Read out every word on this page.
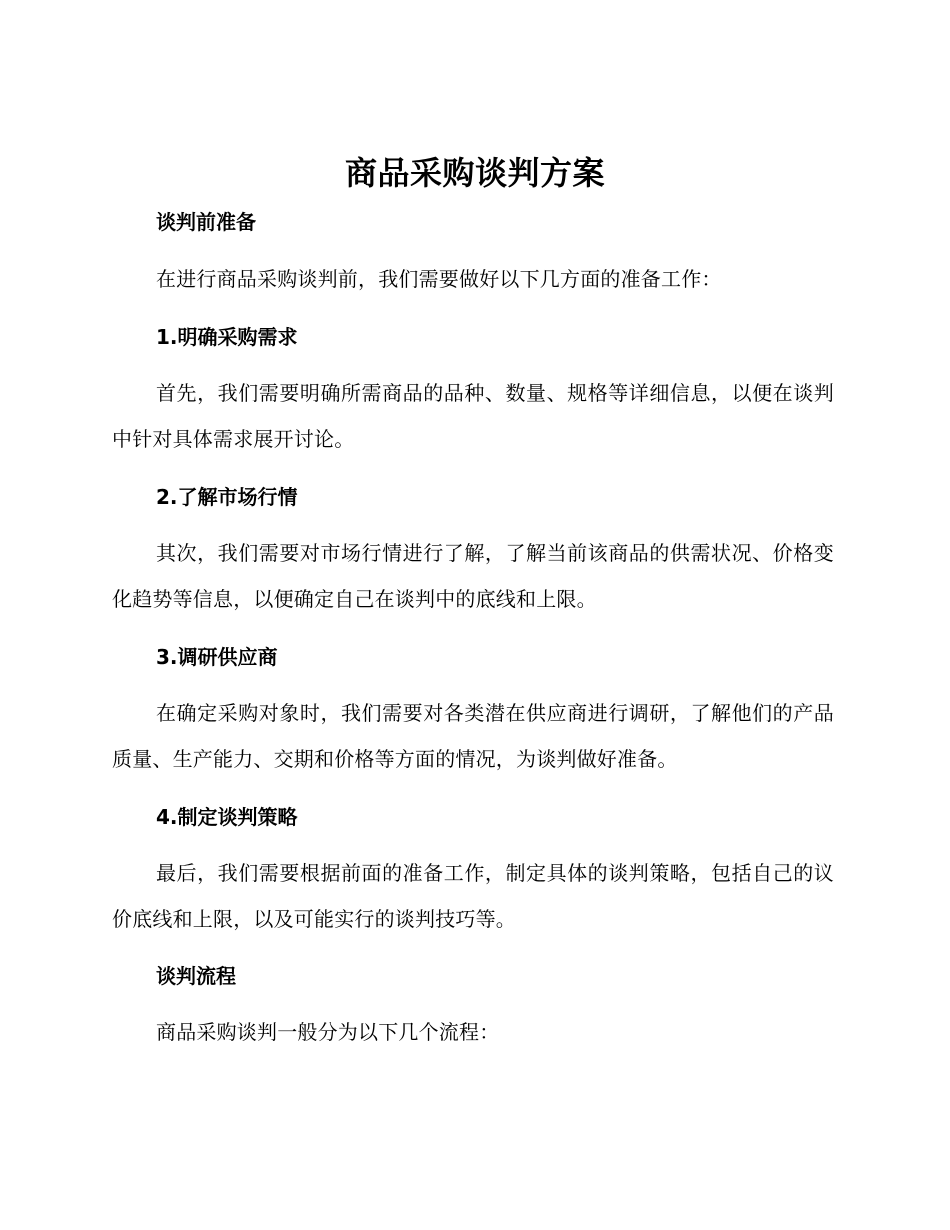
商品采购谈判方案
谈判前准备
在进行商品采购谈判前，我们需要做好以下几方面的准备工作：
1.明确采购需求
首先，我们需要明确所需商品的品种、数量、规格等详细信息，以便在谈判中针对具体需求展开讨论。
2.了解市场行情
其次，我们需要对市场行情进行了解，了解当前该商品的供需状况、价格变化趋势等信息，以便确定自己在谈判中的底线和上限。
3.调研供应商
在确定采购对象时，我们需要对各类潜在供应商进行调研，了解他们的产品质量、生产能力、交期和价格等方面的情况，为谈判做好准备。
4.制定谈判策略
最后，我们需要根据前面的准备工作，制定具体的谈判策略，包括自己的议价底线和上限，以及可能实行的谈判技巧等。
谈判流程
商品采购谈判一般分为以下几个流程：
